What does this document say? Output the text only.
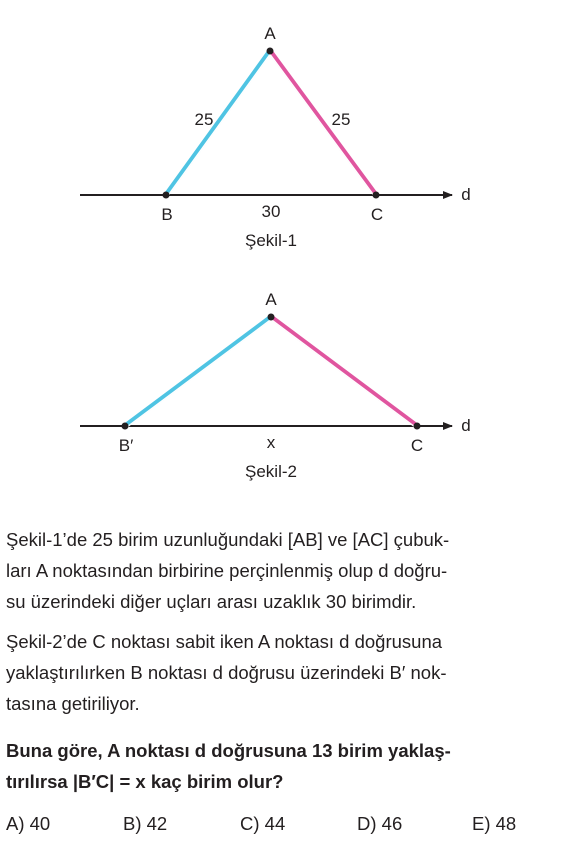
A
25	25
B	30	C
d
Şekil-1
A
B′	x	C
d
Şekil-2

Şekil-1’de 25 birim uzunluğundaki [AB] ve [AC] çubuk-
ları A noktasından birbirine perçinlenmiş olup d doğru-
su üzerindeki diğer uçları arası uzaklık 30 birimdir.

Şekil-2’de C noktası sabit iken A noktası d doğrusuna
yaklaştırılırken B noktası d doğrusu üzerindeki B′ nok-
tasına getiriliyor.

Buna göre, A noktası d doğrusuna 13 birim yaklaş-
tırılırsa |B′C| = x kaç birim olur?

A) 40	B) 42	C) 44	D) 46	E) 48
